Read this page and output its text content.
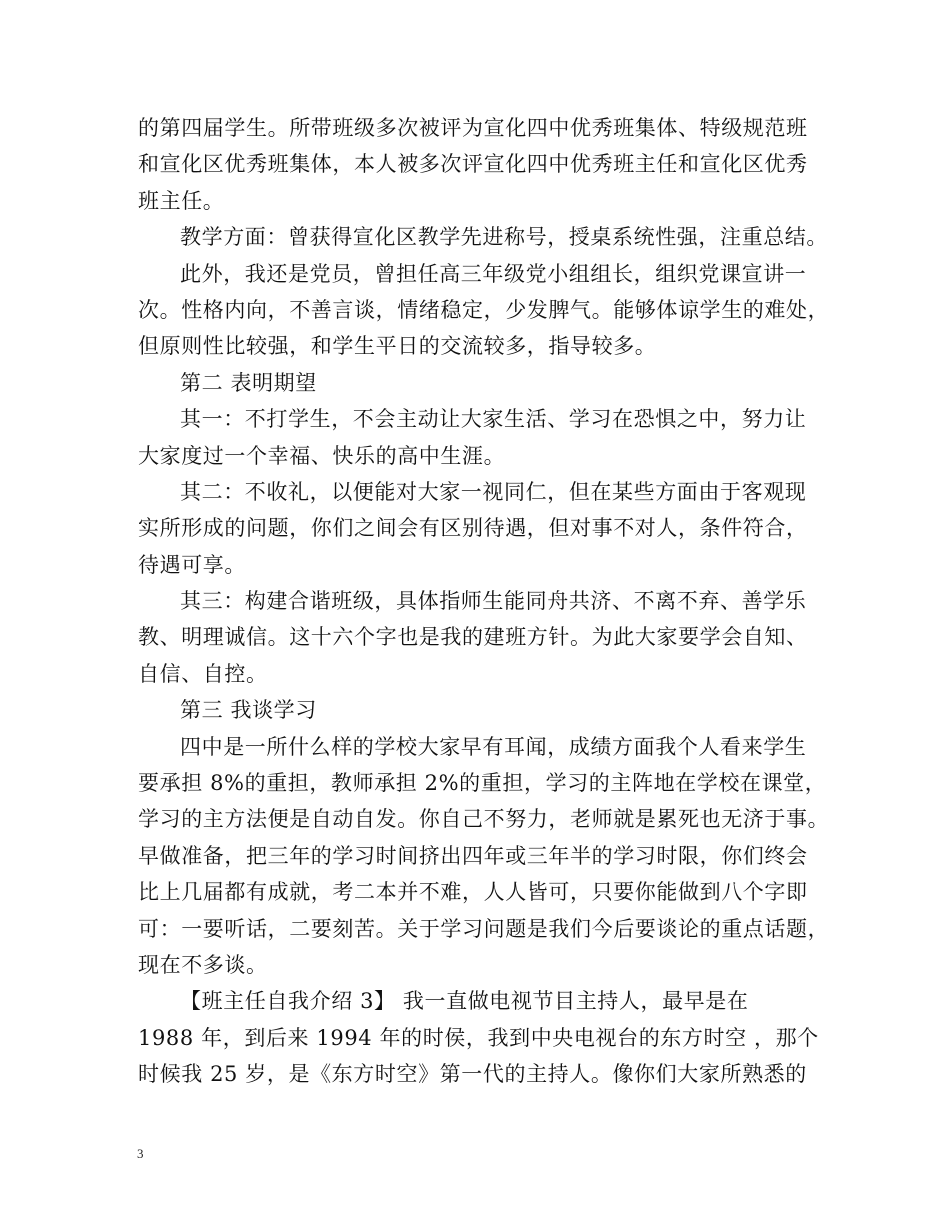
的第四届学生。所带班级多次被评为宣化四中优秀班集体、特级规范班
和宣化区优秀班集体，本人被多次评宣化四中优秀班主任和宣化区优秀
班主任。
教学方面：曾获得宣化区教学先进称号，授桌系统性强，注重总结。
此外，我还是党员，曾担任高三年级党小组组长，组织党课宣讲一
次。性格内向，不善言谈，情绪稳定，少发脾气。能够体谅学生的难处，
但原则性比较强，和学生平日的交流较多，指导较多。
第二 表明期望
其一：不打学生，不会主动让大家生活、学习在恐惧之中，努力让
大家度过一个幸福、快乐的高中生涯。
其二：不收礼，以便能对大家一视同仁，但在某些方面由于客观现
实所形成的问题，你们之间会有区别待遇，但对事不对人，条件符合，
待遇可享。
其三：构建合谐班级，具体指师生能同舟共济、不离不弃、善学乐
教、明理诚信。这十六个字也是我的建班方针。为此大家要学会自知、
自信、自控。
第三 我谈学习
四中是一所什么样的学校大家早有耳闻，成绩方面我个人看来学生
要承担 8%的重担，教师承担 2%的重担，学习的主阵地在学校在课堂，
学习的主方法便是自动自发。你自己不努力，老师就是累死也无济于事。
早做准备，把三年的学习时间挤出四年或三年半的学习时限，你们终会
比上几届都有成就，考二本并不难，人人皆可，只要你能做到八个字即
可：一要听话，二要刻苦。关于学习问题是我们今后要谈论的重点话题，
现在不多谈。
【班主任自我介绍 3】 我一直做电视节目主持人，最早是在
1988 年，到后来 1994 年的时侯，我到中央电视台的东方时空 ，那个
时候我 25 岁，是《东方时空》第一代的主持人。像你们大家所熟悉的
3
